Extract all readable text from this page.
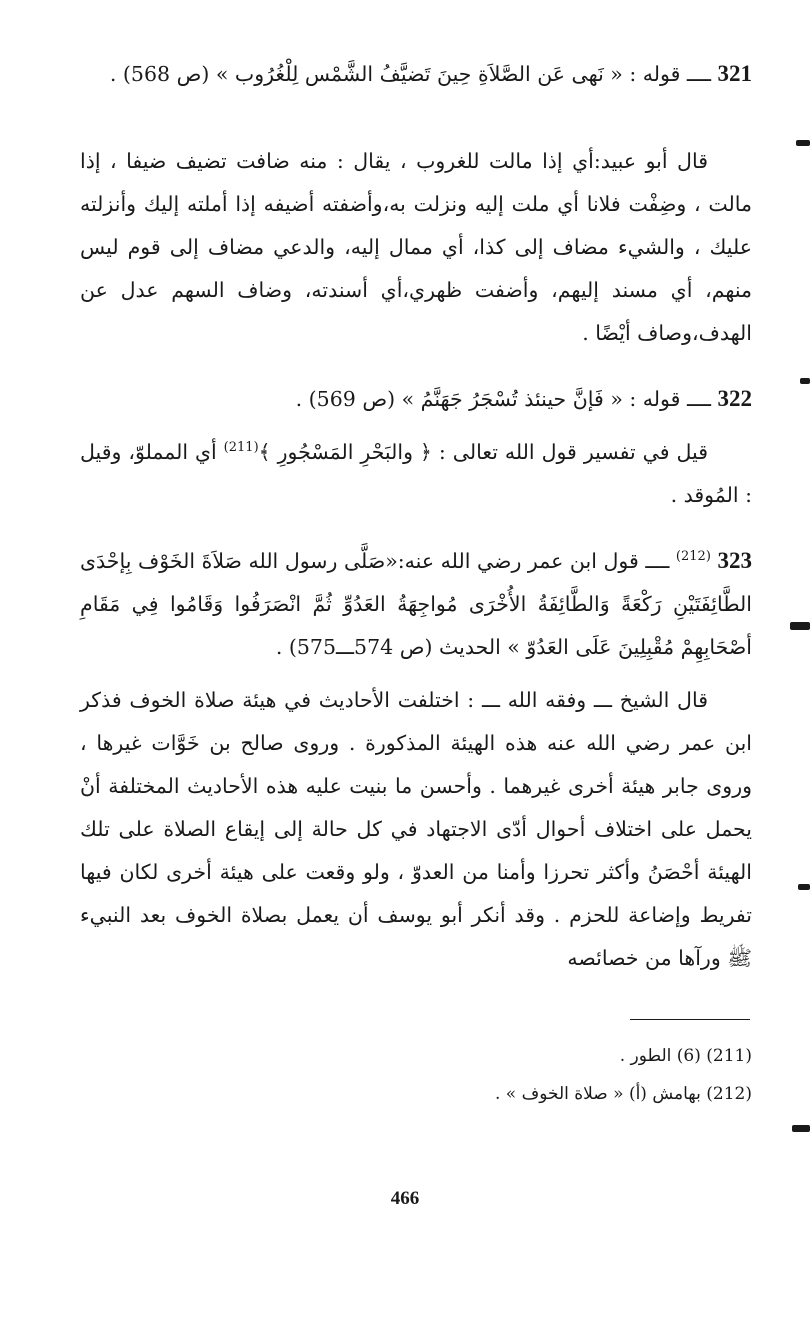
321 ــــ قوله : « نَهى عَن الصَّلاَةِ حِينَ تَضيَّفُ الشَّمْس لِلْغُرُوب » (ص 568) .

قال أبو عبيد:أي إذا مالت للغروب ، يقال : منه ضافت تضيف ضيفا ، إذا مالت ، وضِفْت فلانا أي ملت إليه ونزلت به،وأضفته أضيفه إذا أملته إليك وأنزلته عليك ، والشيء مضاف إلى كذا، أي ممال إليه، والدعي مضاف إلى قوم ليس منهم، أي مسند إليهم، وأضفت ظهري،أي أسندته، وضاف السهم عدل عن الهدف،وصاف أيْضًا .

322 ــــ قوله : « فَإنَّ حينئذ تُسْجَرُ جَهَنَّمُ » (ص 569) .

قيل في تفسير قول الله تعالى : ﴿ والبَحْرِ المَسْجُورِ ﴾$^{(211)}$ أي المملوّ، وقيل : المُوقد .

323 $^{(212)}$ ــــ قول ابن عمر رضي الله عنه:«صَلَّى رسول الله صَلاَةَ الخَوْف بِإحْدَى الطَّائِفَتَيْنِ رَكْعَةً وَالطَّائِفَةُ الأُخْرَى مُواجِهَةُ العَدُوِّ ثُمَّ انْصَرَفُوا وَقَامُوا فِي مَقَامِ أصْحَابِهِمْ مُقْبِلِينَ عَلَى العَدُوّ » الحديث (ص 574ـــ575) .

قال الشيخ ـــ وفقه الله ـــ : اختلفت الأحاديث في هيئة صلاة الخوف فذكر ابن عمر رضي الله عنه هذه الهيئة المذكورة . وروى صالح بن خَوَّات غيرها ، وروى جابر هيئة أخرى غيرهما . وأحسن ما بنيت عليه هذه الأحاديث المختلفة أنْ يحمل على اختلاف أحوال أدّى الاجتهاد في كل حالة إلى إيقاع الصلاة على تلك الهيئة أحْصَنُ وأكثر تحرزا وأمنا من العدوّ ، ولو وقعت على هيئة أخرى لكان فيها تفريط وإضاعة للحزم . وقد أنكر أبو يوسف أن يعمل بصلاة الخوف بعد النبيء ﷺ ورآها من خصائصه

(211) (6) الطور .

(212) بهامش (أ) « صلاة الخوف » .

466
